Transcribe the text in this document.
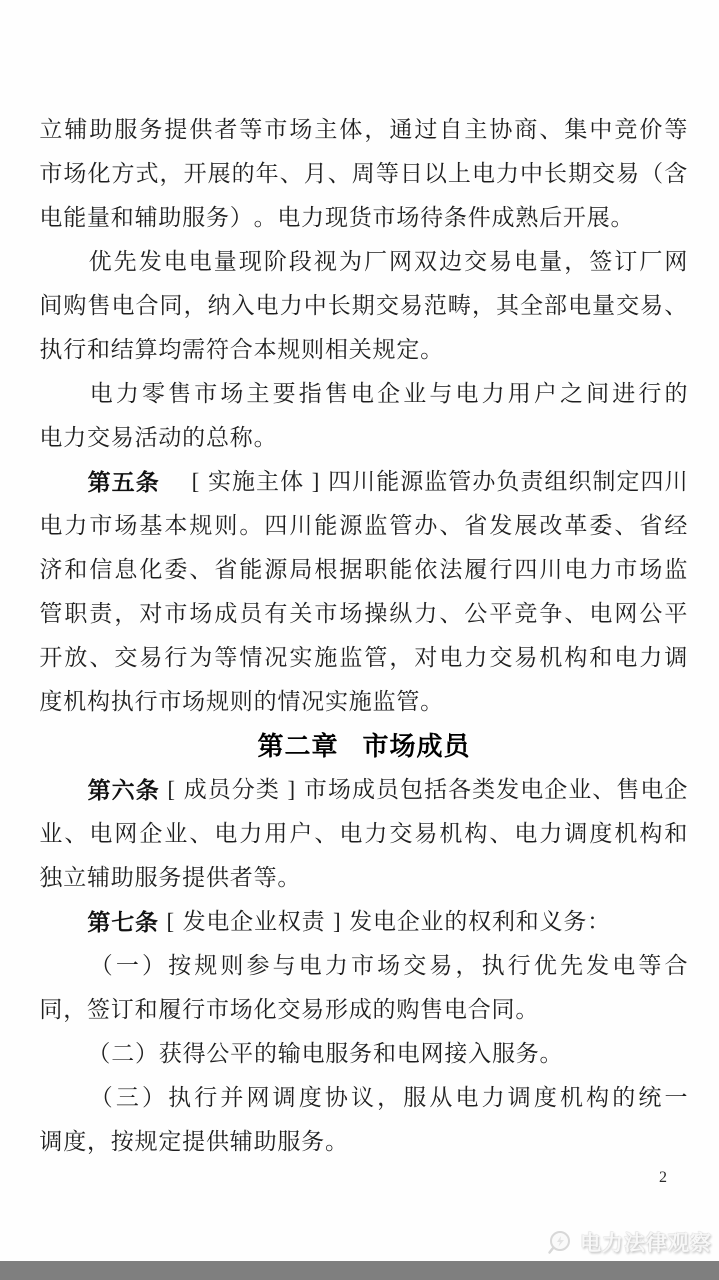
立 辅 助 服 务 提 供 者 等 市 场 主 体 ， 通 过 自 主 协 商 、 集 中 竞 价 等
市 场 化 方 式 ， 开 展 的 年 、 月 、 周 等 日 以 上 电 力 中 长 期 交 易 （ 含
电 能 量 和 辅 助 服 务 ） 。 电 力 现 货 市 场 待 条 件 成 熟 后 开 展 。
优 先 发 电 电 量 现 阶 段 视 为 厂 网 双 边 交 易 电 量 ， 签 订 厂 网
间 购 售 电 合 同 ， 纳 入 电 力 中 长 期 交 易 范 畴 ， 其 全 部 电 量 交 易 、
执 行 和 结 算 均 需 符 合 本 规 则 相 关 规 定 。
电 力 零 售 市 场 主 要 指 售 电 企 业 与 电 力 用 户 之 间 进 行 的
电 力 交 易 活 动 的 总 称 。
第 五 条	[ 实 施 主 体 ] 四 川 能 源 监 管 办 负 责 组 织 制 定 四 川
电 力 市 场 基 本 规 则 。 四 川 能 源 监 管 办 、 省 发 展 改 革 委 、 省 经
济 和 信 息 化 委 、 省 能 源 局 根 据 职 能 依 法 履 行 四 川 电 力 市 场 监
管 职 责 ， 对 市 场 成 员 有 关 市 场 操 纵 力 、 公 平 竞 争 、 电 网 公 平
开 放 、 交 易 行 为 等 情 况 实 施 监 管 ， 对 电 力 交 易 机 构 和 电 力 调
度 机 构 执 行 市 场 规 则 的 情 况 实 施 监 管 。
第 二 章 市 场 成 员
第 六 条 [ 成 员 分 类 ] 市 场 成 员 包 括 各 类 发 电 企 业 、 售 电 企
业 、 电 网 企 业 、 电 力 用 户 、 电 力 交 易 机 构 、 电 力 调 度 机 构 和
独 立 辅 助 服 务 提 供 者 等 。
第 七 条 [ 发 电 企 业 权 责 ] 发 电 企 业 的 权 利 和 义 务 ：
（ 一 ） 按 规 则 参 与 电 力 市 场 交 易 ， 执 行 优 先 发 电 等 合
同 ， 签 订 和 履 行 市 场 化 交 易 形 成 的 购 售 电 合 同 。
（ 二 ） 获 得 公 平 的 输 电 服 务 和 电 网 接 入 服 务 。
（ 三 ） 执 行 并 网 调 度 协 议 ， 服 从 电 力 调 度 机 构 的 统 一
调 度 ， 按 规 定 提 供 辅 助 服 务 。
2
电力法律观察
